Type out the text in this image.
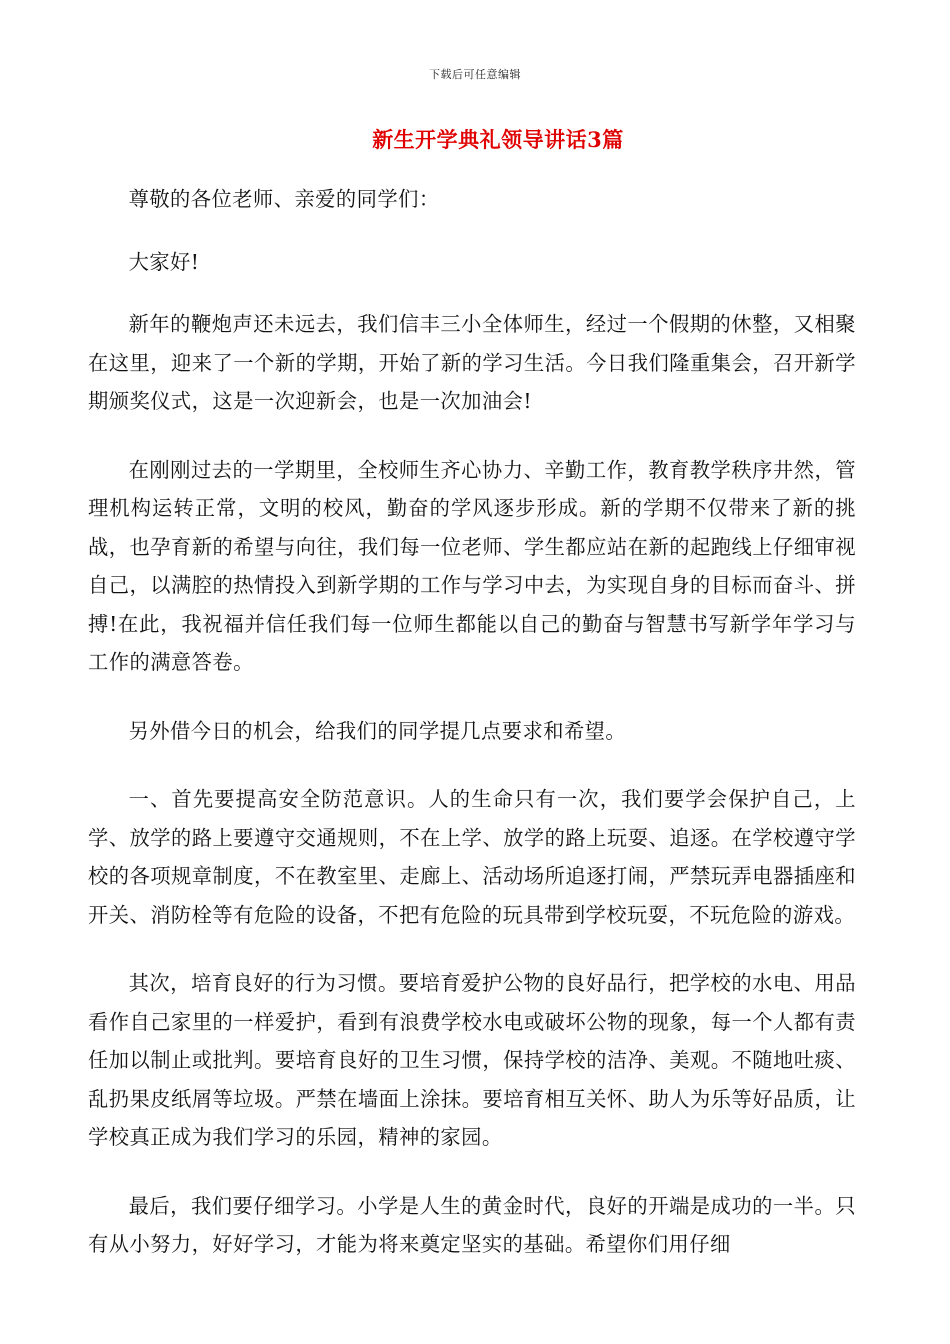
下载后可任意编辑
新生开学典礼领导讲话3篇

尊敬的各位老师、亲爱的同学们：

大家好!

新年的鞭炮声还未远去，我们信丰三小全体师生，经过一个假期的休整，又相聚在这里，迎来了一个新的学期，开始了新的学习生活。今日我们隆重集会，召开新学期颁奖仪式，这是一次迎新会，也是一次加油会!

在刚刚过去的一学期里，全校师生齐心协力、辛勤工作，教育教学秩序井然，管理机构运转正常，文明的校风，勤奋的学风逐步形成。新的学期不仅带来了新的挑战，也孕育新的希望与向往，我们每一位老师、学生都应站在新的起跑线上仔细审视自己，以满腔的热情投入到新学期的工作与学习中去，为实现自身的目标而奋斗、拼搏!在此，我祝福并信任我们每一位师生都能以自己的勤奋与智慧书写新学年学习与工作的满意答卷。

另外借今日的机会，给我们的同学提几点要求和希望。

一、首先要提高安全防范意识。人的生命只有一次，我们要学会保护自己，上学、放学的路上要遵守交通规则，不在上学、放学的路上玩耍、追逐。在学校遵守学校的各项规章制度，不在教室里、走廊上、活动场所追逐打闹，严禁玩弄电器插座和开关、消防栓等有危险的设备，不把有危险的玩具带到学校玩耍，不玩危险的游戏。

其次，培育良好的行为习惯。要培育爱护公物的良好品行，把学校的水电、用品看作自己家里的一样爱护，看到有浪费学校水电或破坏公物的现象，每一个人都有责任加以制止或批判。要培育良好的卫生习惯，保持学校的洁净、美观。不随地吐痰、乱扔果皮纸屑等垃圾。严禁在墙面上涂抹。要培育相互关怀、助人为乐等好品质，让学校真正成为我们学习的乐园，精神的家园。

最后，我们要仔细学习。小学是人生的黄金时代，良好的开端是成功的一半。只有从小努力，好好学习，才能为将来奠定坚实的基础。希望你们用仔细
